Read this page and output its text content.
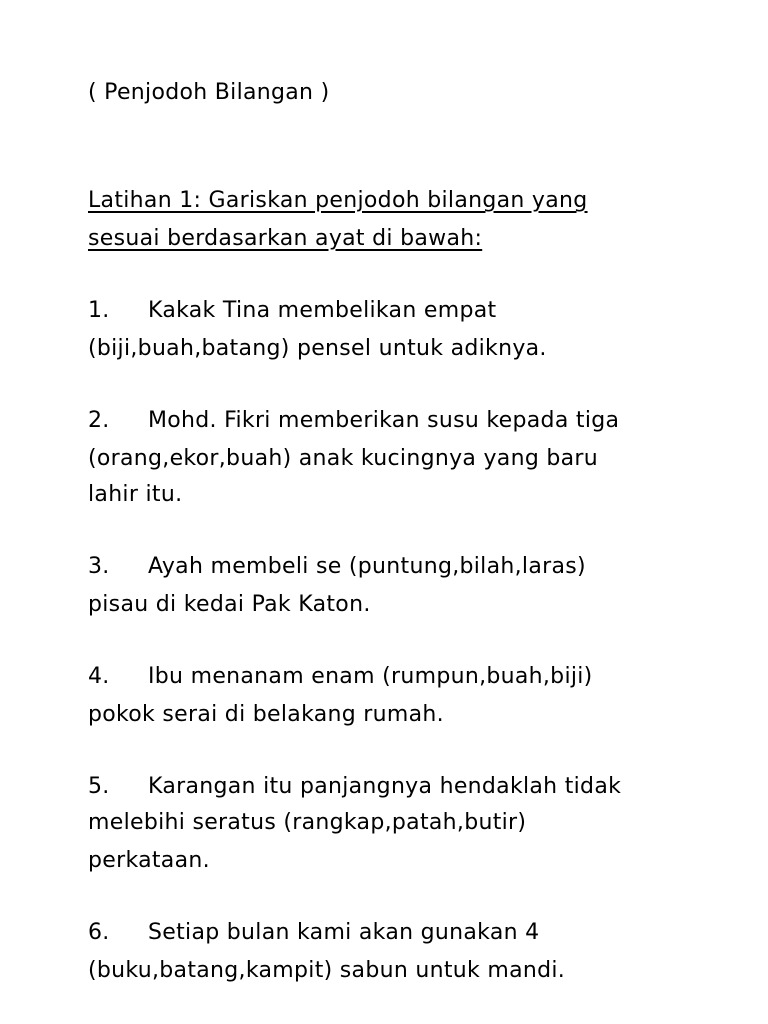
( Penjodoh Bilangan )
Latihan 1: Gariskan penjodoh bilangan yang
sesuai berdasarkan ayat di bawah:
1. Kakak Tina membelikan empat
(biji,buah,batang) pensel untuk adiknya.
2. Mohd. Fikri memberikan susu kepada tiga
(orang,ekor,buah) anak kucingnya yang baru
lahir itu.
3. Ayah membeli se (puntung,bilah,laras)
pisau di kedai Pak Katon.
4. Ibu menanam enam (rumpun,buah,biji)
pokok serai di belakang rumah.
5. Karangan itu panjangnya hendaklah tidak
melebihi seratus (rangkap,patah,butir)
perkataan.
6. Setiap bulan kami akan gunakan 4
(buku,batang,kampit) sabun untuk mandi.
